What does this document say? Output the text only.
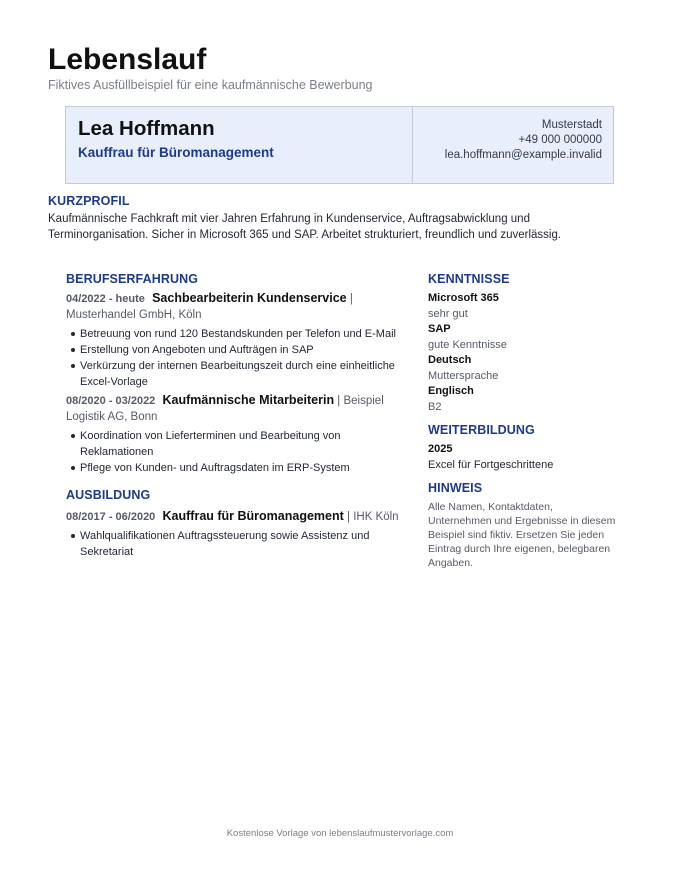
Lebenslauf
Fiktives Ausfüllbeispiel für eine kaufmännische Bewerbung
Lea Hoffmann
Kauffrau für Büromanagement
Musterstadt
+49 000 000000
lea.hoffmann@example.invalid
KURZPROFIL
Kaufmännische Fachkraft mit vier Jahren Erfahrung in Kundenservice, Auftragsabwicklung und Terminorganisation. Sicher in Microsoft 365 und SAP. Arbeitet strukturiert, freundlich und zuverlässig.
BERUFSERFAHRUNG
04/2022 - heute Sachbearbeiterin Kundenservice | Musterhandel GmbH, Köln
Betreuung von rund 120 Bestandskunden per Telefon und E-Mail
Erstellung von Angeboten und Aufträgen in SAP
Verkürzung der internen Bearbeitungszeit durch eine einheitliche Excel-Vorlage
08/2020 - 03/2022 Kaufmännische Mitarbeiterin | Beispiel Logistik AG, Bonn
Koordination von Lieferterminen und Bearbeitung von Reklamationen
Pflege von Kunden- und Auftragsdaten im ERP-System
AUSBILDUNG
08/2017 - 06/2020 Kauffrau für Büromanagement | IHK Köln
Wahlqualifikationen Auftragssteuerung sowie Assistenz und Sekretariat
KENNTNISSE
Microsoft 365
sehr gut
SAP
gute Kenntnisse
Deutsch
Muttersprache
Englisch
B2
WEITERBILDUNG
2025
Excel für Fortgeschrittene
HINWEIS
Alle Namen, Kontaktdaten, Unternehmen und Ergebnisse in diesem Beispiel sind fiktiv. Ersetzen Sie jeden Eintrag durch Ihre eigenen, belegbaren Angaben.
Kostenlose Vorlage von lebenslaufmustervorlage.com
